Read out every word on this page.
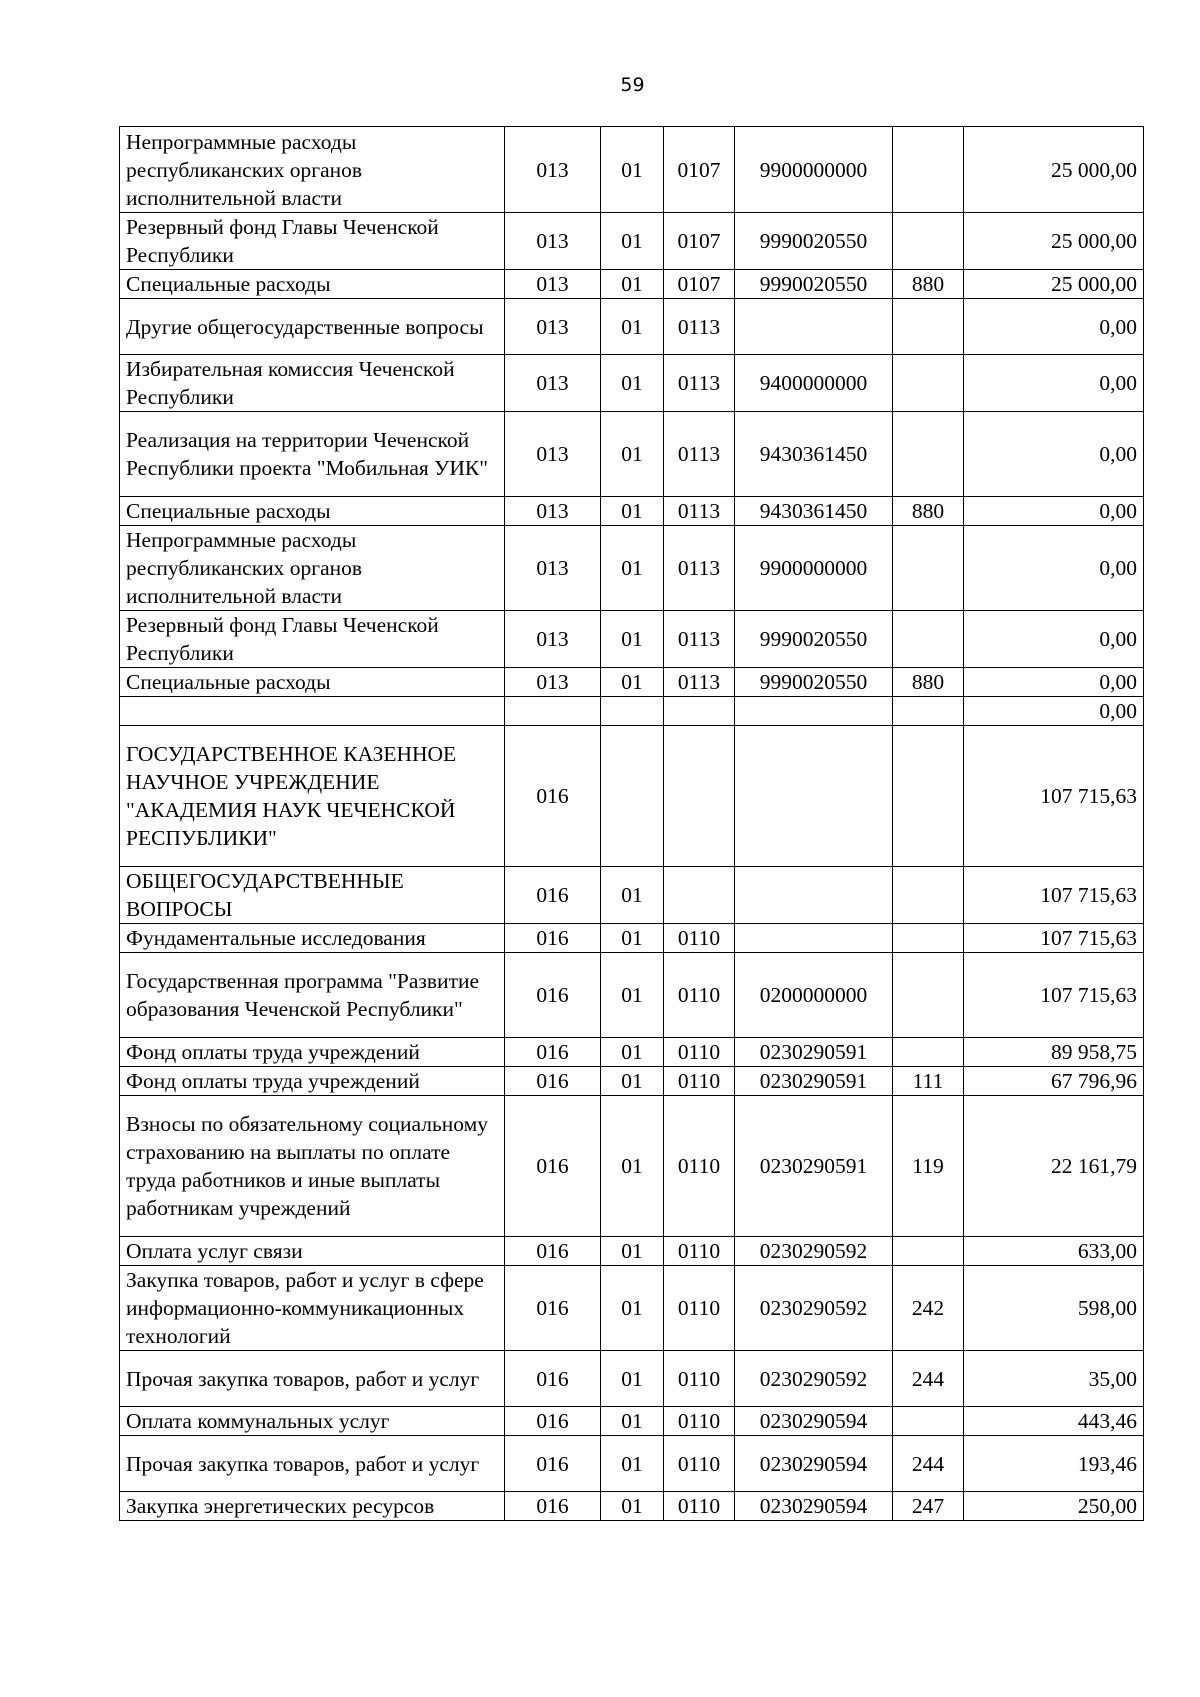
59
Непрограммные расходы республиканских органов исполнительной власти	013	01	0107	9900000000		25 000,00
Резервный фонд Главы Чеченской Республики	013	01	0107	9990020550		25 000,00
Специальные расходы	013	01	0107	9990020550	880	25 000,00
Другие общегосударственные вопросы	013	01	0113			0,00
Избирательная комиссия Чеченской Республики	013	01	0113	9400000000		0,00
Реализация на территории Чеченской Республики проекта "Мобильная УИК"	013	01	0113	9430361450		0,00
Специальные расходы	013	01	0113	9430361450	880	0,00
Непрограммные расходы республиканских органов исполнительной власти	013	01	0113	9900000000		0,00
Резервный фонд Главы Чеченской Республики	013	01	0113	9990020550		0,00
Специальные расходы	013	01	0113	9990020550	880	0,00
						0,00
ГОСУДАРСТВЕННОЕ КАЗЕННОЕ НАУЧНОЕ УЧРЕЖДЕНИЕ "АКАДЕМИЯ НАУК ЧЕЧЕНСКОЙ РЕСПУБЛИКИ"	016					107 715,63
ОБЩЕГОСУДАРСТВЕННЫЕ ВОПРОСЫ	016	01				107 715,63
Фундаментальные исследования	016	01	0110			107 715,63
Государственная программа "Развитие образования Чеченской Республики"	016	01	0110	0200000000		107 715,63
Фонд оплаты труда учреждений	016	01	0110	0230290591		89 958,75
Фонд оплаты труда учреждений	016	01	0110	0230290591	111	67 796,96
Взносы по обязательному социальному страхованию на выплаты по оплате труда работников и иные выплаты работникам учреждений	016	01	0110	0230290591	119	22 161,79
Оплата услуг связи	016	01	0110	0230290592		633,00
Закупка товаров, работ и услуг в сфере информационно-коммуникационных технологий	016	01	0110	0230290592	242	598,00
Прочая закупка товаров, работ и услуг	016	01	0110	0230290592	244	35,00
Оплата коммунальных услуг	016	01	0110	0230290594		443,46
Прочая закупка товаров, работ и услуг	016	01	0110	0230290594	244	193,46
Закупка энергетических ресурсов	016	01	0110	0230290594	247	250,00
